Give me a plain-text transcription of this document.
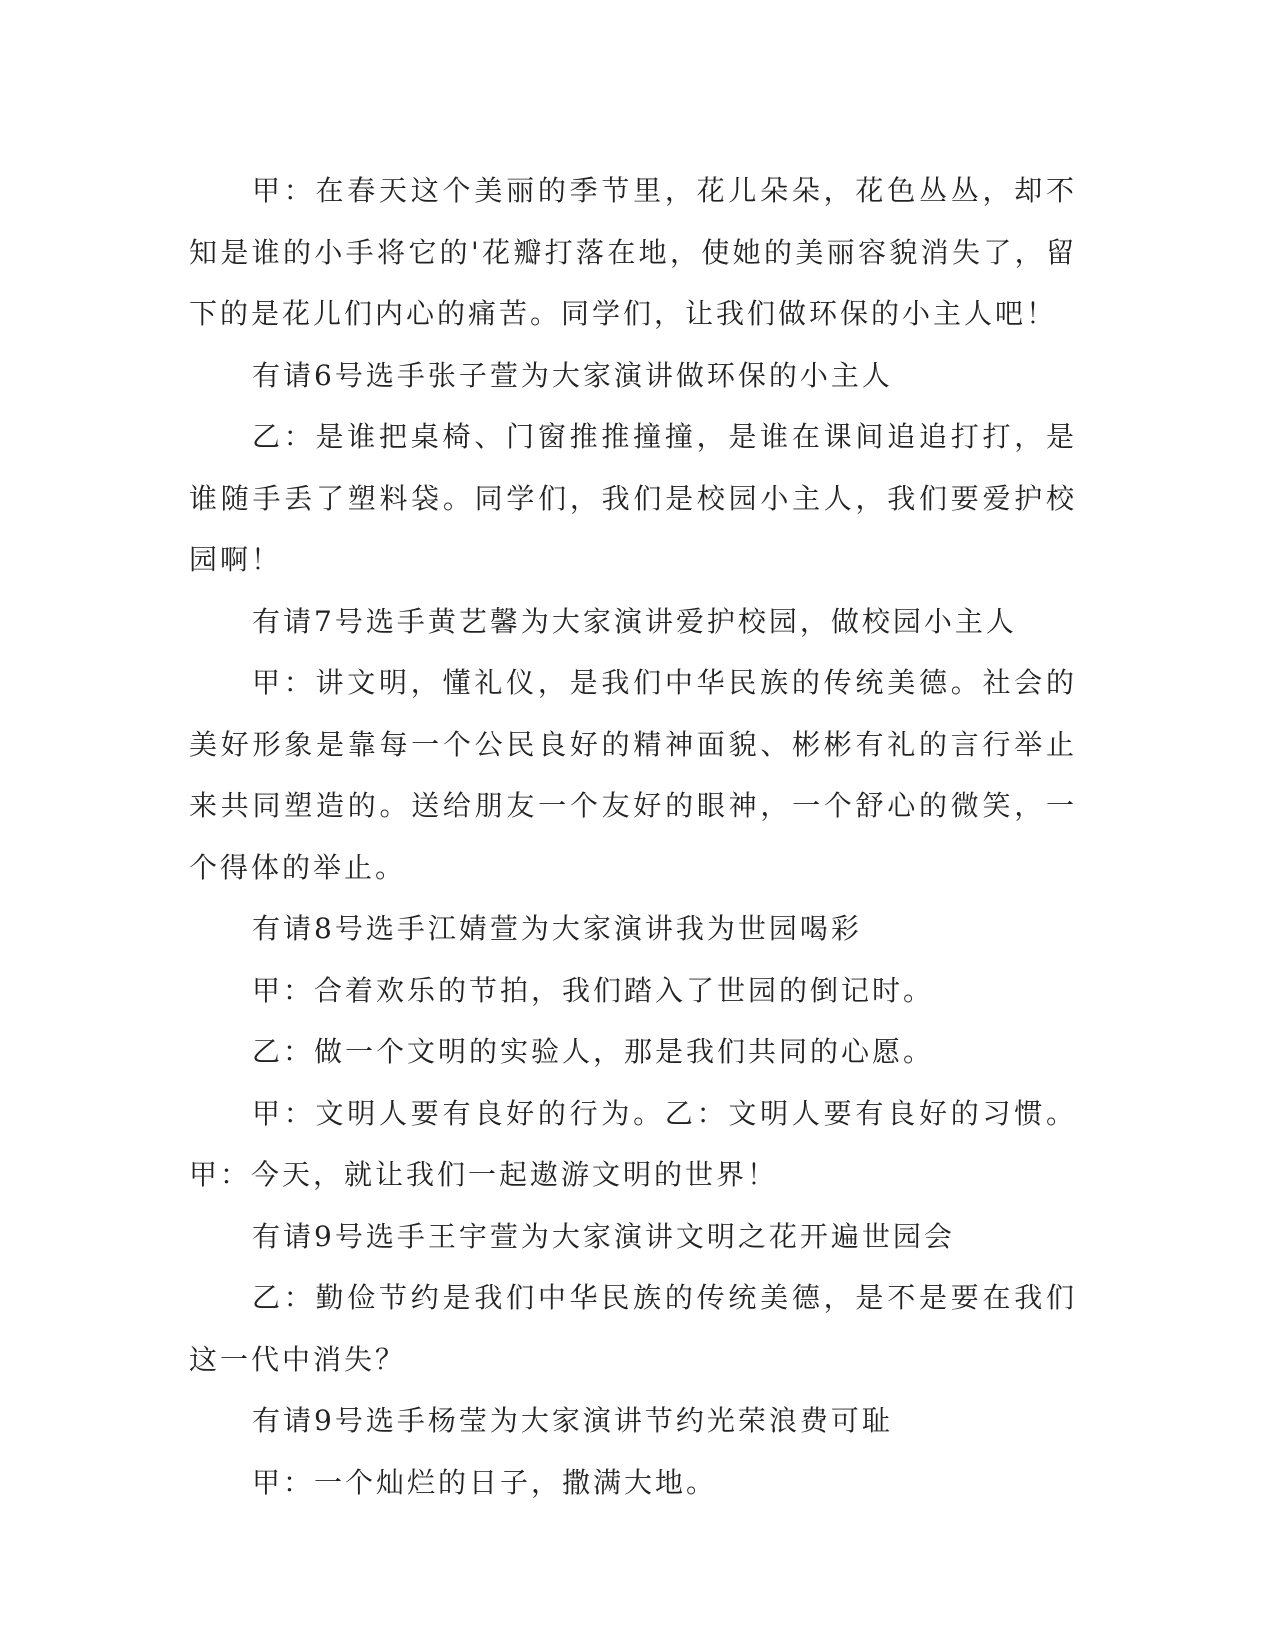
甲：在春天这个美丽的季节里，花儿朵朵，花色丛丛，却不知是谁的小手将它的'花瓣打落在地，使她的美丽容貌消失了，留下的是花儿们内心的痛苦。同学们，让我们做环保的小主人吧！

有请6号选手张子萱为大家演讲做环保的小主人

乙：是谁把桌椅、门窗推推撞撞，是谁在课间追追打打，是谁随手丢了塑料袋。同学们，我们是校园小主人，我们要爱护校园啊！

有请7号选手黄艺馨为大家演讲爱护校园，做校园小主人

甲：讲文明，懂礼仪，是我们中华民族的传统美德。社会的美好形象是靠每一个公民良好的精神面貌、彬彬有礼的言行举止来共同塑造的。送给朋友一个友好的眼神，一个舒心的微笑，一个得体的举止。

有请8号选手江婧萱为大家演讲我为世园喝彩

甲：合着欢乐的节拍，我们踏入了世园的倒记时。

乙：做一个文明的实验人，那是我们共同的心愿。

甲：文明人要有良好的行为。乙：文明人要有良好的习惯。甲：今天，就让我们一起遨游文明的世界！

有请9号选手王宇萱为大家演讲文明之花开遍世园会

乙：勤俭节约是我们中华民族的传统美德，是不是要在我们这一代中消失？

有请9号选手杨莹为大家演讲节约光荣浪费可耻

甲：一个灿烂的日子，撒满大地。
